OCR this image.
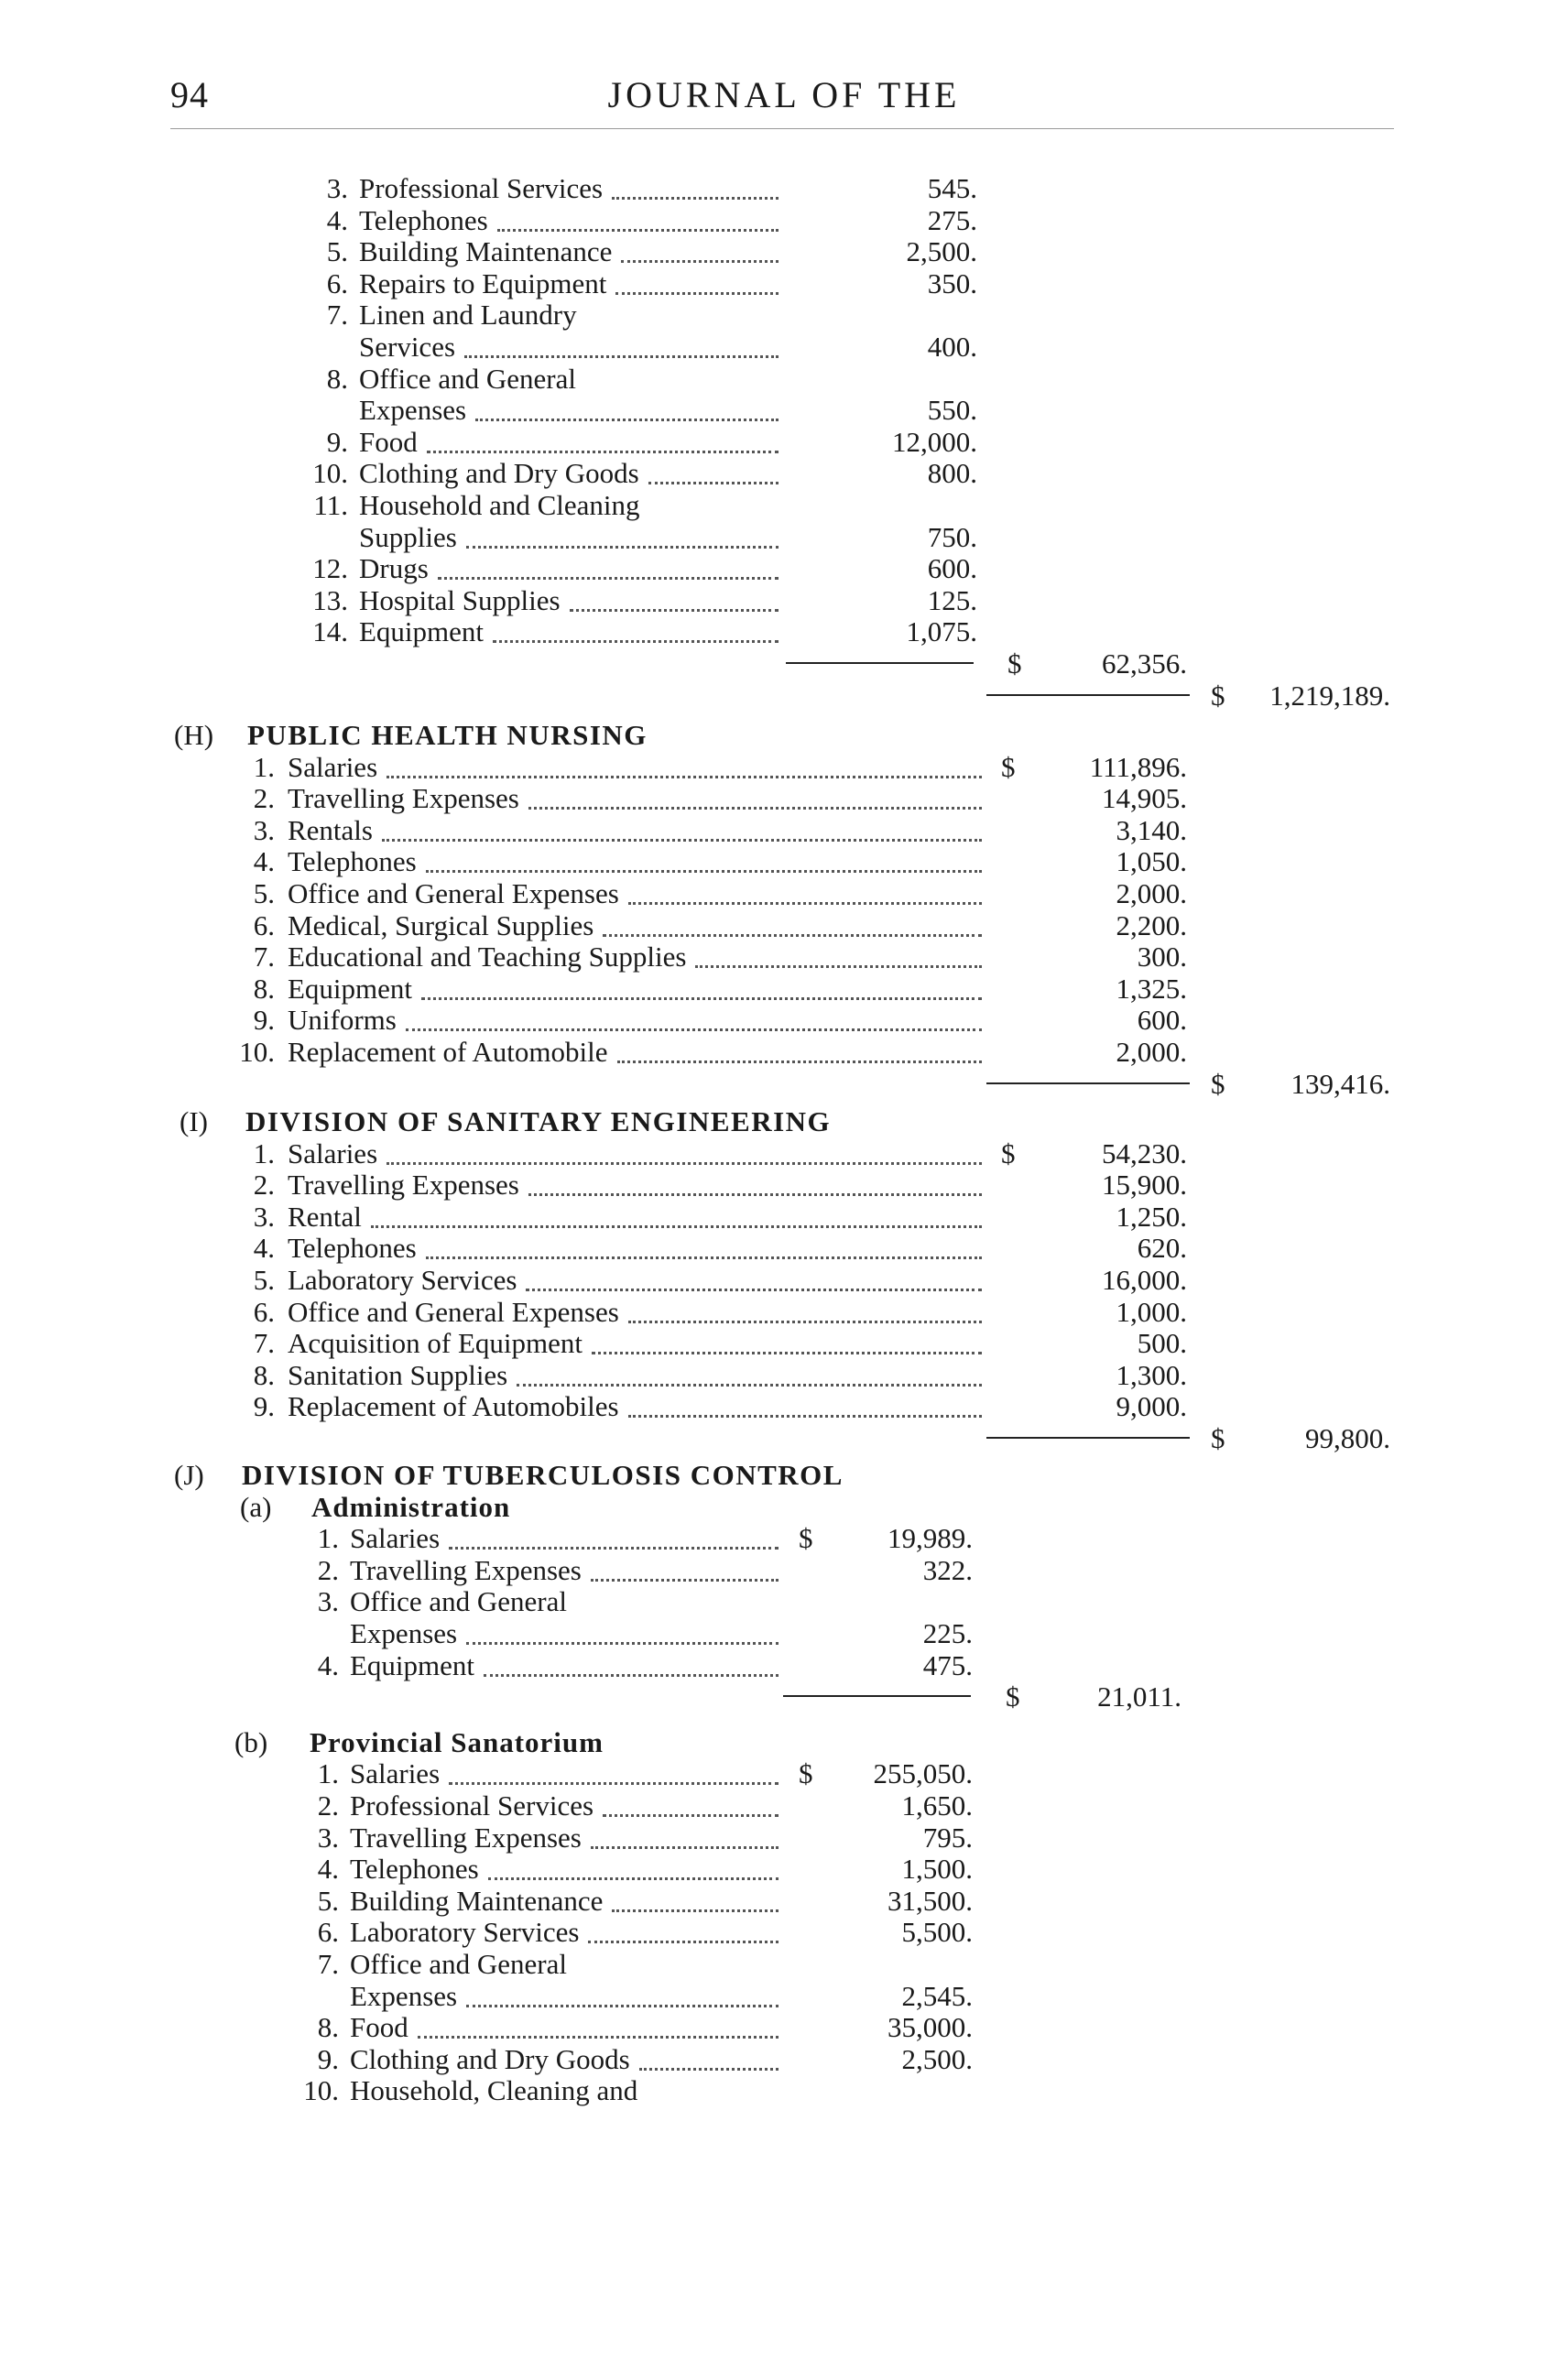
94	JOURNAL OF THE
3. Professional Services	545.
4. Telephones	275.
5. Building Maintenance	2,500.
6. Repairs to Equipment	350.
7. Linen and Laundry
Services	400.
8. Office and General
Expenses	550.
9. Food	12,000.
10. Clothing and Dry Goods	800.
11. Household and Cleaning
Supplies	750.
12. Drugs	600.
13. Hospital Supplies	125.
14. Equipment	1,075.
$	62,356.
$ 1,219,189.
(H) PUBLIC HEALTH NURSING
1. Salaries	$	111,896.
2. Travelling Expenses	14,905.
3. Rentals	3,140.
4. Telephones	1,050.
5. Office and General Expenses	2,000.
6. Medical, Surgical Supplies	2,200.
7. Educational and Teaching Supplies	300.
8. Equipment	1,325.
9. Uniforms	600.
10. Replacement of Automobile	2,000.
$ 139,416.
(I) DIVISION OF SANITARY ENGINEERING
1. Salaries	$	54,230.
2. Travelling Expenses	15,900.
3. Rental	1,250.
4. Telephones	620.
5. Laboratory Services	16,000.
6. Office and General Expenses	1,000.
7. Acquisition of Equipment	500.
8. Sanitation Supplies	1,300.
9. Replacement of Automobiles	9,000.
$	99,800.
(J) DIVISION OF TUBERCULOSIS CONTROL
(a) Administration
1. Salaries	$	19,989.
2. Travelling Expenses	322.
3. Office and General
Expenses	225.
4. Equipment	475.
$	21,011.
(b) Provincial Sanatorium
1. Salaries	$ 255,050.
2. Professional Services	1,650.
3. Travelling Expenses	795.
4. Telephones	1,500.
5. Building Maintenance	31,500.
6. Laboratory Services	5,500.
7. Office and General
Expenses	2,545.
8. Food	35,000.
9. Clothing and Dry Goods	2,500.
10. Household, Cleaning and
